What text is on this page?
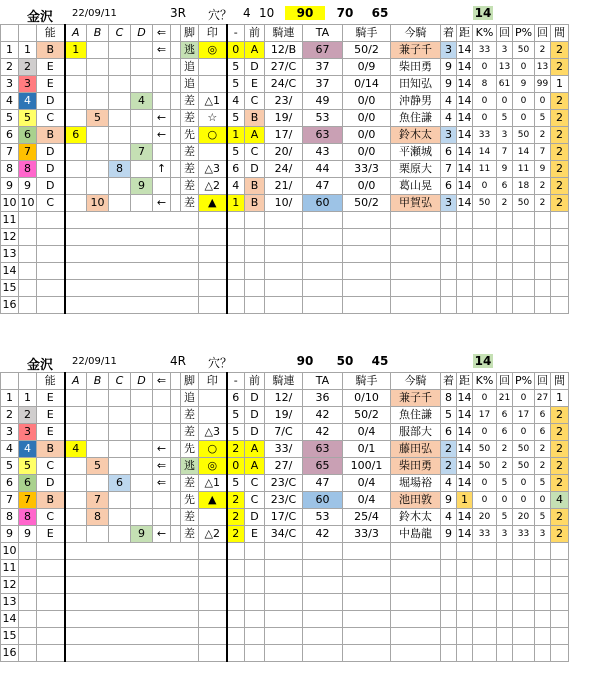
金沢 22/09/11	3R 穴？ 4 10	90	70	65	14
		能	A	B	C	D	⇐		脚	印	-	前	騎連	TA	騎手	今騎	着	距	K%	回	P%	回	間
1	1	B	1				⇐		逃	◎	0	A	12/B	67	50/2	兼子千	3	14	33	3	50	2	2
2	2	E							追		5	D	27/C	37	0/9	柴田勇	9	14	0	13	0	13	2
3	3	E							追		5	E	24/C	37	0/14	田知弘	9	14	8	61	9	99	1
4	4	D				4			差	△1	4	C	23/	49	0/0	沖静男	4	14	0	0	0	0	2
5	5	C		5			←		差	☆	5	B	19/	53	0/0	魚住謙	4	14	0	5	0	5	2
6	6	B	6				←		先	○	1	A	17/	63	0/0	鈴木太	3	14	33	3	50	2	2
7	7	D				7			差		5	C	20/	43	0/0	平瀬城	6	14	14	7	14	7	2
8	8	D			8		↑		差	△3	6	D	24/	44	33/3	栗原大	7	14	11	9	11	9	2
9	9	D				9			差	△2	4	B	21/	47	0/0	葛山晃	6	14	0	6	18	2	2
10	10	C		10			←		差	▲	1	B	10/	60	50/2	甲賀弘	3	14	50	2	50	2	2
11																							
12																							
13																							
14																							
15																							
16																							
金沢 22/09/11	4R 穴？	90	50	45	14
		能	A	B	C	D	⇐		脚	印	-	前	騎連	TA	騎手	今騎	着	距	K%	回	P%	回	間
1	1	E							追		6	D	12/	36	0/10	兼子千	8	14	0	21	0	27	1
2	2	E							差		5	D	19/	42	50/2	魚住謙	5	14	17	6	17	6	2
3	3	E							差	△3	5	D	7/C	42	0/4	服部大	6	14	0	6	0	6	2
4	4	B	4				←		先	○	2	A	33/	63	0/1	藤田弘	2	14	50	2	50	2	2
5	5	C		5			⇐		逃	◎	0	A	27/	65	100/1	柴田勇	2	14	50	2	50	2	2
6	6	D			6		⇐		差	△1	5	C	23/C	47	0/4	堀場裕	4	14	0	5	0	5	2
7	7	B		7					先	▲	2	C	23/C	60	0/4	池田敦	9	1	0	0	0	0	4
8	8	C		8					差		2	D	17/C	53	25/4	鈴木太	4	14	20	5	20	5	2
9	9	E				9	←		差	△2	2	E	34/C	42	33/3	中島龍	9	14	33	3	33	3	2
10																							
11																							
12																							
13																							
14																							
15																							
16																							
